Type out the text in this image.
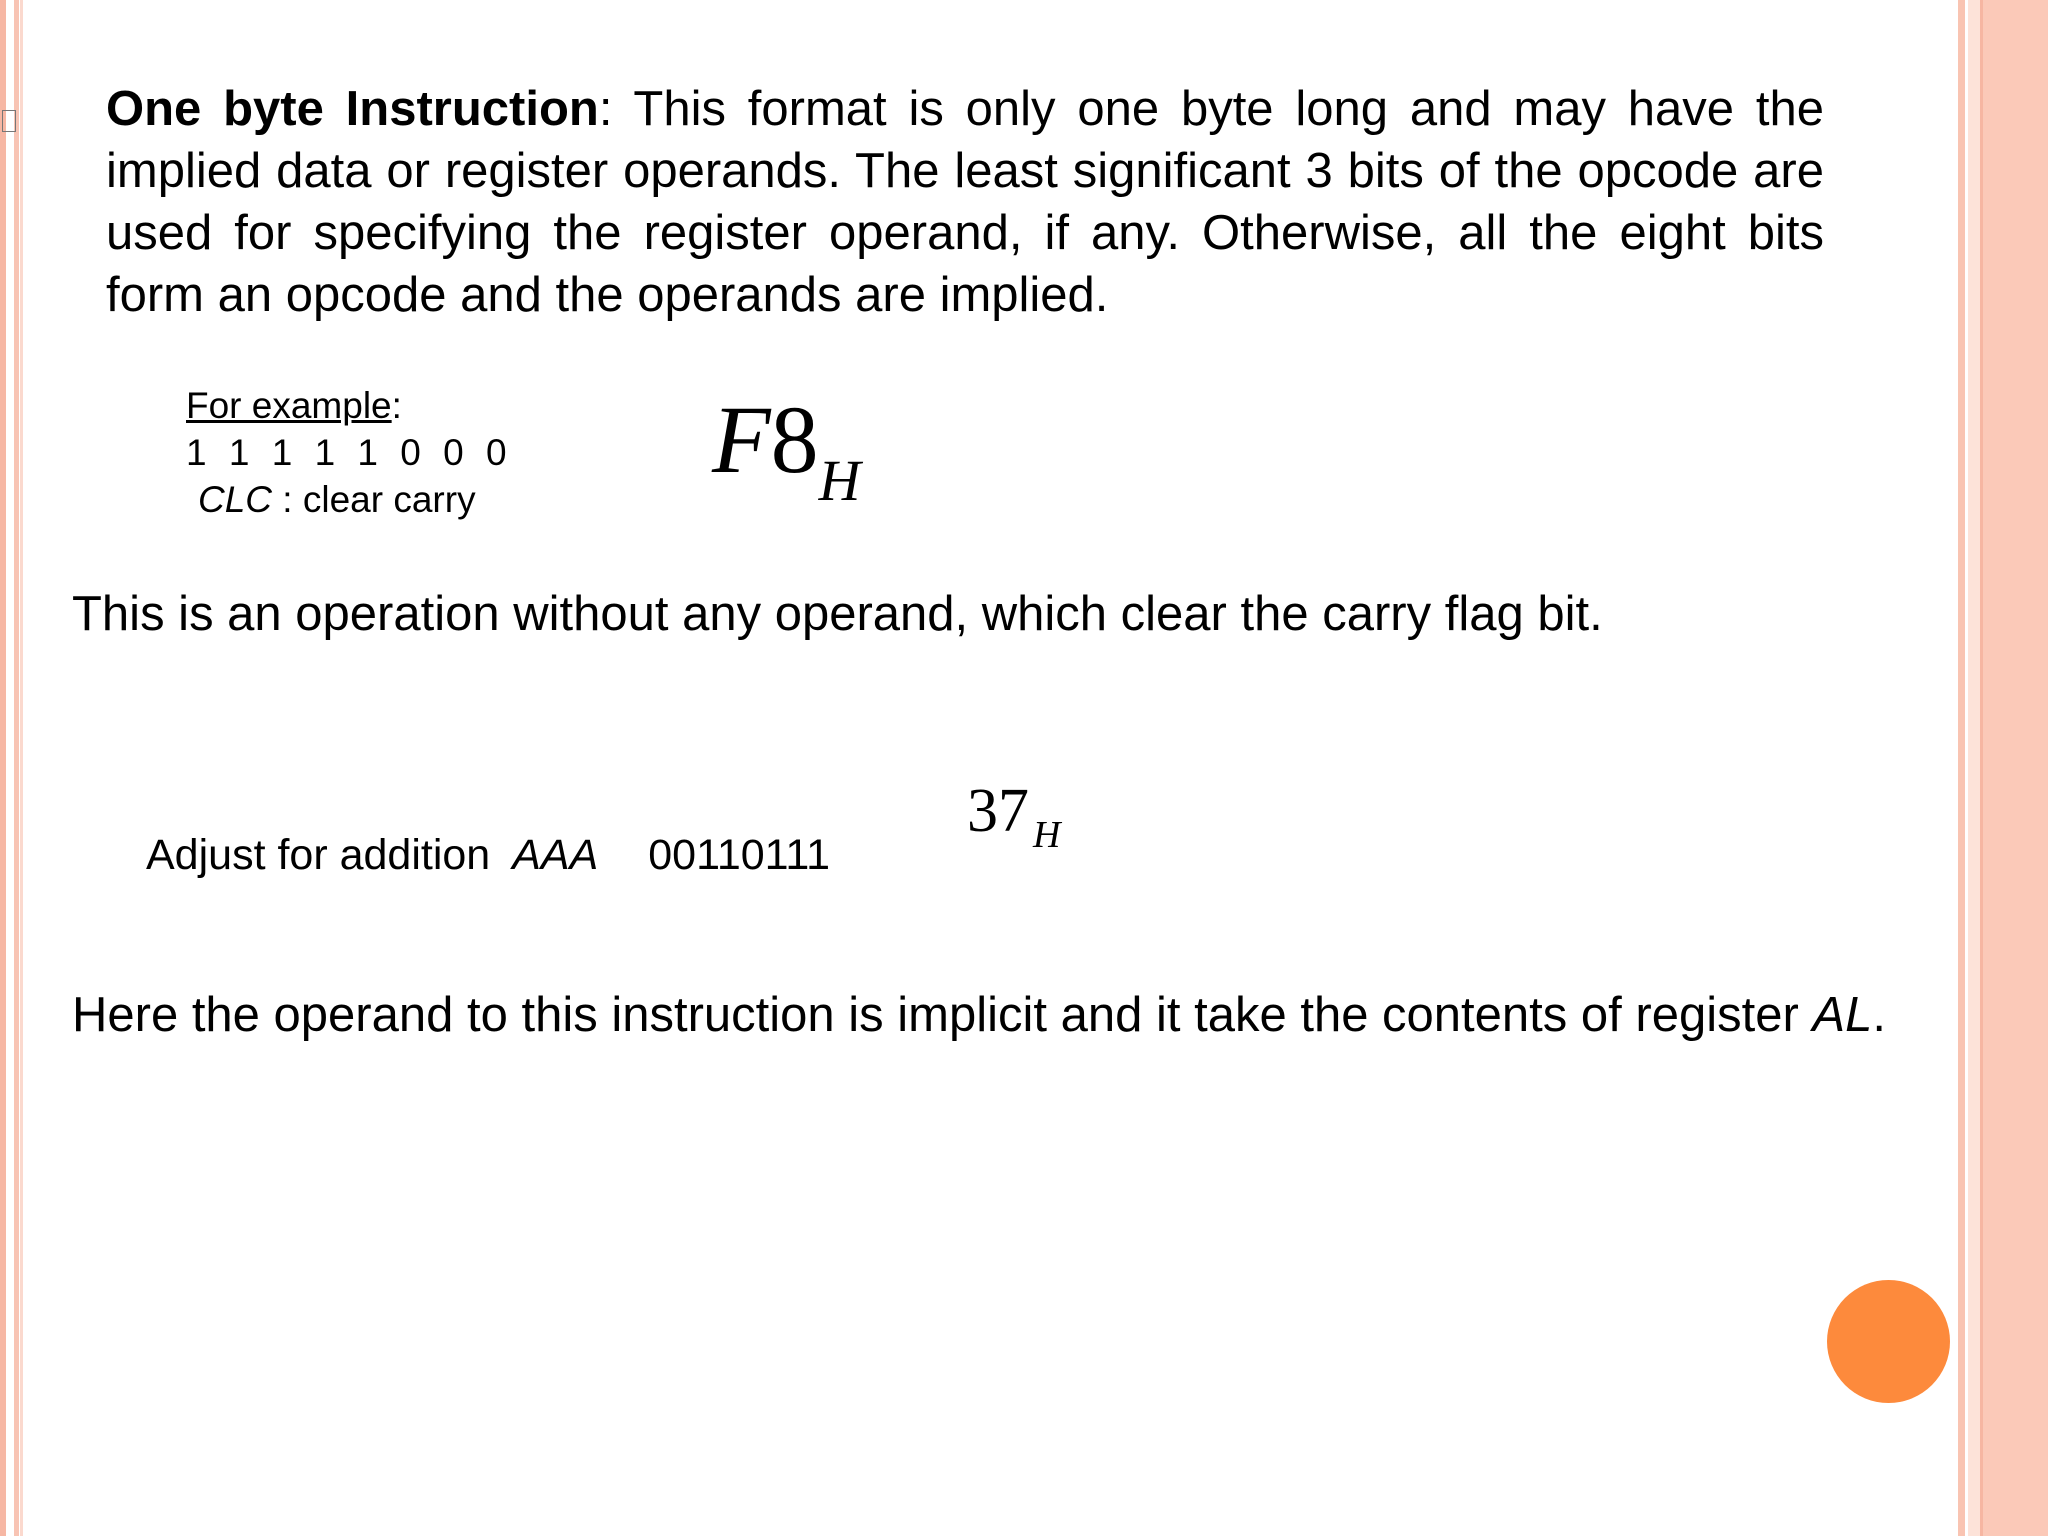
One byte Instruction: This format is only one byte long and may have the implied data or register operands. The least significant 3 bits of the opcode are used for specifying the register operand, if any. Otherwise, all the eight bits form an opcode and the operands are implied.
For example:
1 1 1 1 1 0 0 0
CLC : clear carry
$F8_H$
This is an operation without any operand, which clear the carry flag bit.
Adjust for addition AAA 00110111
37 $_H$
Here the operand to this instruction is implicit and it take the contents of register AL.
